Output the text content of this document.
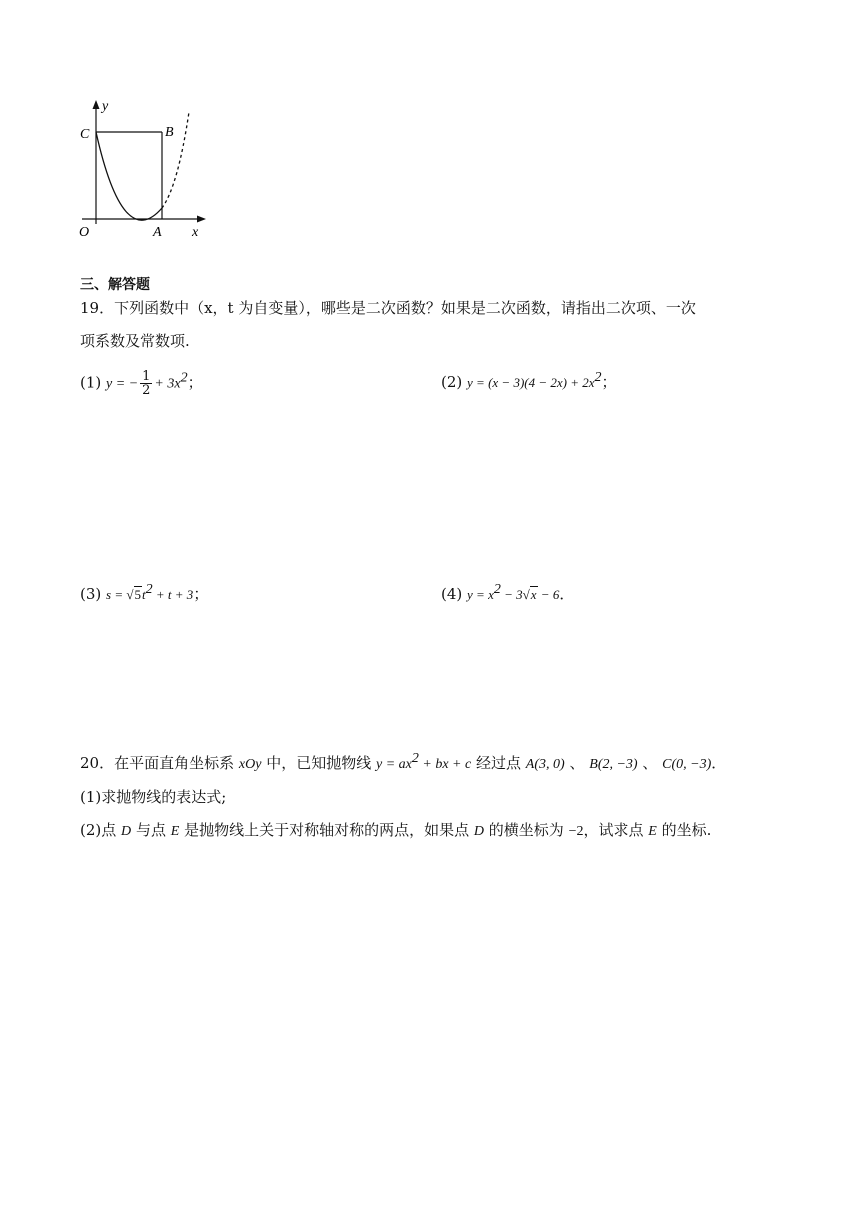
y
C	B
O	A x
三、解答题
19．下列函数中（x，t 为自变量），哪些是二次函数？如果是二次函数，请指出二次项、一次
项系数及常数项.
(1) y = − $\frac{1}{2} + 3x^2$；	(2) $y = (x - 3)(4 - 2x) + 2x^2$；
(3) $s = √5t^2 + t + 3$；	(4) $y = x^2 - 3√x - 6$．
20．在平面直角坐标系 xOy 中，已知抛物线 $y = ax^2$ + bx + c 经过点 A(3, 0) 、 B(2, −3) 、 C(0, −3)．
(1)求抛物线的表达式;
(2)点 D 与点 E 是抛物线上关于对称轴对称的两点，如果点 D 的横坐标为 −2，试求点 E 的坐标.
